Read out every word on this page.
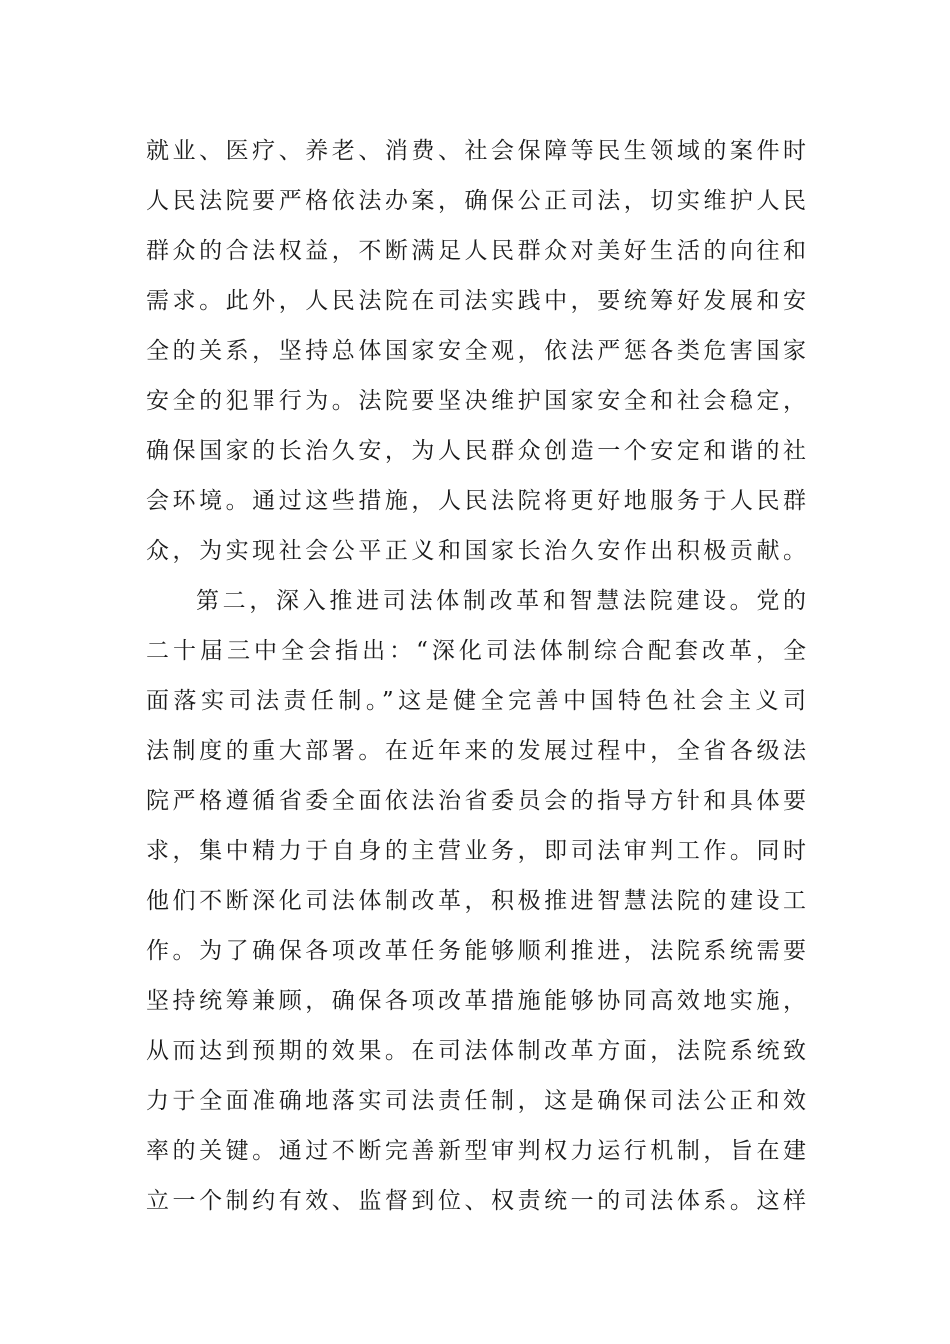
就业、医疗、养老、消费、社会保障等民生领域的案件时
人民法院要严格依法办案，确保公正司法，切实维护人民
群众的合法权益，不断满足人民群众对美好生活的向往和
需求。此外，人民法院在司法实践中，要统筹好发展和安
全的关系，坚持总体国家安全观，依法严惩各类危害国家
安全的犯罪行为。法院要坚决维护国家安全和社会稳定，
确保国家的长治久安，为人民群众创造一个安定和谐的社
会环境。通过这些措施，人民法院将更好地服务于人民群
众，为实现社会公平正义和国家长治久安作出积极贡献。
第二，深入推进司法体制改革和智慧法院建设。党的
二十届三中全会指出：“深化司法体制综合配套改革，全
面落实司法责任制。”这是健全完善中国特色社会主义司
法制度的重大部署。在近年来的发展过程中，全省各级法
院严格遵循省委全面依法治省委员会的指导方针和具体要
求，集中精力于自身的主营业务，即司法审判工作。同时
他们不断深化司法体制改革，积极推进智慧法院的建设工
作。为了确保各项改革任务能够顺利推进，法院系统需要
坚持统筹兼顾，确保各项改革措施能够协同高效地实施，
从而达到预期的效果。在司法体制改革方面，法院系统致
力于全面准确地落实司法责任制，这是确保司法公正和效
率的关键。通过不断完善新型审判权力运行机制，旨在建
立一个制约有效、监督到位、权责统一的司法体系。这样
